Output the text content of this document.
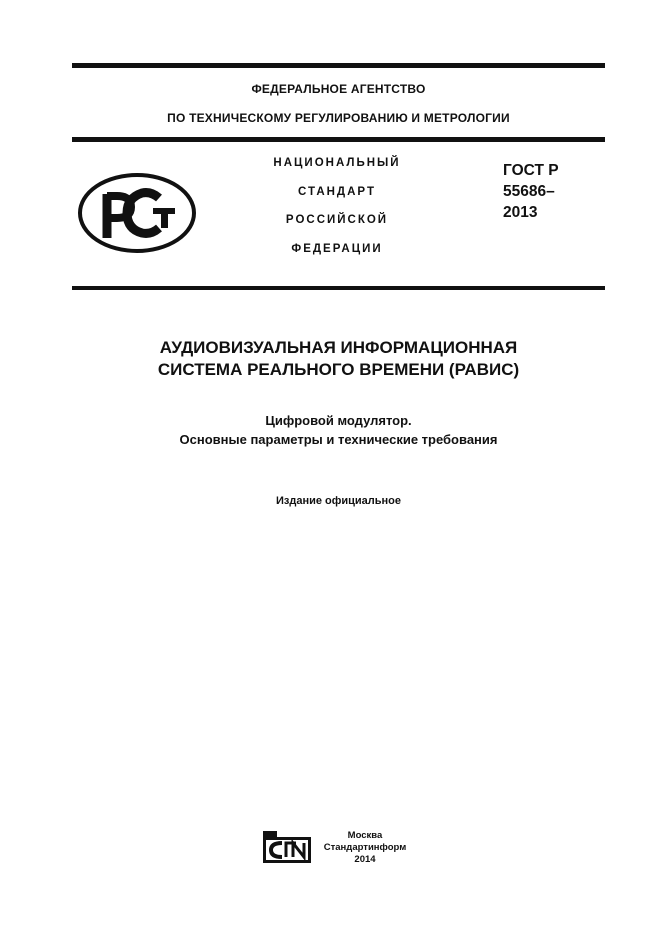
ФЕДЕРАЛЬНОЕ АГЕНТСТВО
ПО ТЕХНИЧЕСКОМУ РЕГУЛИРОВАНИЮ И МЕТРОЛОГИИ
НАЦИОНАЛЬНЫЙ
СТАНДАРТ
РОССИЙСКОЙ
ФЕДЕРАЦИИ
ГОСТ Р
55686–
2013
АУДИОВИЗУАЛЬНАЯ ИНФОРМАЦИОННАЯ
СИСТЕМА РЕАЛЬНОГО ВРЕМЕНИ (РАВИС)
Цифровой модулятор.
Основные параметры и технические требования
Издание официальное
Москва
Стандартинформ
2014
